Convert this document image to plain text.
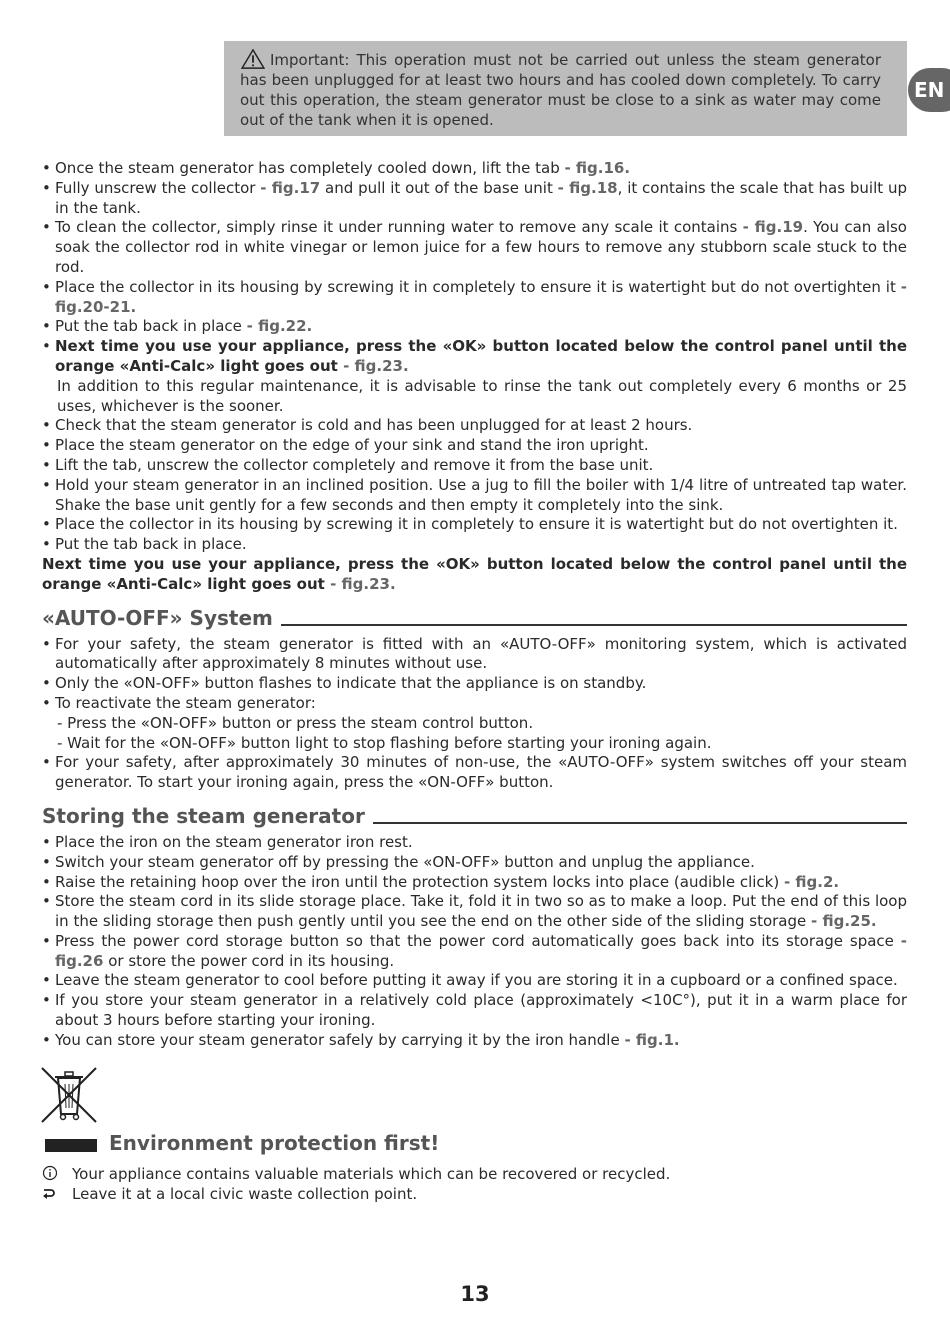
Important: This operation must not be carried out unless the steam generator has been unplugged for at least two hours and has cooled down completely. To carry out this operation, the steam generator must be close to a sink as water may come out of the tank when it is opened.
EN

• Once the steam generator has completely cooled down, lift the tab - fig.16.

• Fully unscrew the collector - fig.17 and pull it out of the base unit - fig.18, it contains the scale that has built up in the tank.

• To clean the collector, simply rinse it under running water to remove any scale it contains - fig.19. You can also soak the collector rod in white vinegar or lemon juice for a few hours to remove any stubborn scale stuck to the rod.

• Place the collector in its housing by screwing it in completely to ensure it is watertight but do not overtighten it - fig.20-21.

• Put the tab back in place - fig.22.

• Next time you use your appliance, press the «OK» button located below the control panel until the orange «Anti-Calc» light goes out - fig.23.

In addition to this regular maintenance, it is advisable to rinse the tank out completely every 6 months or 25 uses, whichever is the sooner.

• Check that the steam generator is cold and has been unplugged for at least 2 hours.

• Place the steam generator on the edge of your sink and stand the iron upright.

• Lift the tab, unscrew the collector completely and remove it from the base unit.

• Hold your steam generator in an inclined position. Use a jug to fill the boiler with 1/4 litre of untreated tap water. Shake the base unit gently for a few seconds and then empty it completely into the sink.

• Place the collector in its housing by screwing it in completely to ensure it is watertight but do not overtighten it.

• Put the tab back in place.

Next time you use your appliance, press the «OK» button located below the control panel until the orange «Anti-Calc» light goes out - fig.23.

«AUTO-OFF» System

• For your safety, the steam generator is fitted with an «AUTO-OFF» monitoring system, which is activated automatically after approximately 8 minutes without use.

• Only the «ON-OFF» button flashes to indicate that the appliance is on standby.

• To reactivate the steam generator:

- Press the «ON-OFF» button or press the steam control button.

- Wait for the «ON-OFF» button light to stop flashing before starting your ironing again.

• For your safety, after approximately 30 minutes of non-use, the «AUTO-OFF» system switches off your steam generator. To start your ironing again, press the «ON-OFF» button.

Storing the steam generator

• Place the iron on the steam generator iron rest.

• Switch your steam generator off by pressing the «ON-OFF» button and unplug the appliance.

• Raise the retaining hoop over the iron until the protection system locks into place (audible click) - fig.2.

• Store the steam cord in its slide storage place. Take it, fold it in two so as to make a loop. Put the end of this loop in the sliding storage then push gently until you see the end on the other side of the sliding storage - fig.25.

• Press the power cord storage button so that the power cord automatically goes back into its storage space - fig.26 or store the power cord in its housing.

• Leave the steam generator to cool before putting it away if you are storing it in a cupboard or a confined space.

• If you store your steam generator in a relatively cold place (approximately <10C°), put it in a warm place for about 3 hours before starting your ironing.

• You can store your steam generator safely by carrying it by the iron handle - fig.1.

Environment protection first!
Your appliance contains valuable materials which can be recovered or recycled.
Leave it at a local civic waste collection point.
13
